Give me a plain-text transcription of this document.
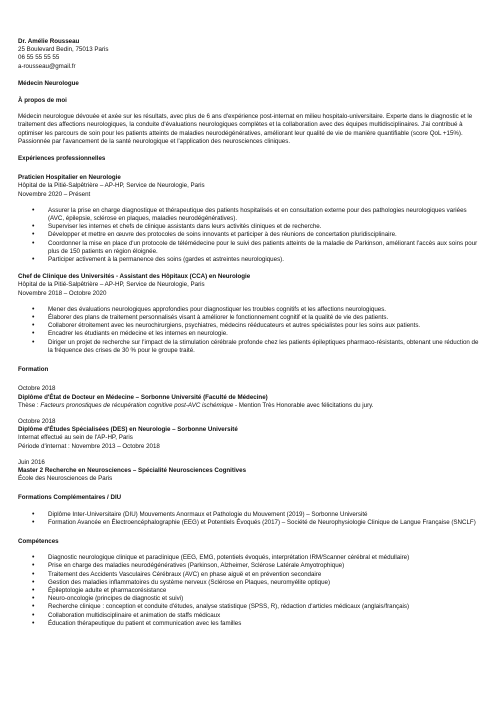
Dr. Amélie Rousseau
25 Boulevard Bedin, 75013 Paris
06 55 55 55 55
a-rousseau@gmail.fr
Médecin Neurologue
À propos de moi
Médecin neurologue dévouée et axée sur les résultats, avec plus de 6 ans d'expérience post-internat en milieu hospitalo-universitaire. Experte dans le diagnostic et le traitement des affections neurologiques, la conduite d'évaluations neurologiques complètes et la collaboration avec des équipes multidisciplinaires. J'ai contribué à optimiser les parcours de soin pour les patients atteints de maladies neurodégénératives, améliorant leur qualité de vie de manière quantifiable (score QoL +15%). Passionnée par l'avancement de la santé neurologique et l'application des neurosciences cliniques.
Expériences professionnelles
Praticien Hospitalier en Neurologie
Hôpital de la Pitié-Salpêtrière – AP-HP, Service de Neurologie, Paris
Novembre 2020 – Présent
• Assurer la prise en charge diagnostique et thérapeutique des patients hospitalisés et en consultation externe pour des pathologies neurologiques variées (AVC, épilepsie, sclérose en plaques, maladies neurodégénératives).
• Superviser les internes et chefs de clinique assistants dans leurs activités cliniques et de recherche.
• Développer et mettre en œuvre des protocoles de soins innovants et participer à des réunions de concertation pluridisciplinaire.
• Coordonner la mise en place d'un protocole de télémédecine pour le suivi des patients atteints de la maladie de Parkinson, améliorant l'accès aux soins pour plus de 150 patients en région éloignée.
• Participer activement à la permanence des soins (gardes et astreintes neurologiques).
Chef de Clinique des Universités - Assistant des Hôpitaux (CCA) en Neurologie
Hôpital de la Pitié-Salpêtrière – AP-HP, Service de Neurologie, Paris
Novembre 2018 – Octobre 2020
• Mener des évaluations neurologiques approfondies pour diagnostiquer les troubles cognitifs et les affections neurologiques.
• Élaborer des plans de traitement personnalisés visant à améliorer le fonctionnement cognitif et la qualité de vie des patients.
• Collaborer étroitement avec les neurochirurgiens, psychiatres, médecins rééducateurs et autres spécialistes pour les soins aux patients.
• Encadrer les étudiants en médecine et les internes en neurologie.
• Diriger un projet de recherche sur l'impact de la stimulation cérébrale profonde chez les patients épileptiques pharmaco-résistants, obtenant une réduction de la fréquence des crises de 30 % pour le groupe traité.
Formation
Octobre 2018
Diplôme d'État de Docteur en Médecine – Sorbonne Université (Faculté de Médecine)
Thèse : Facteurs pronostiques de récupération cognitive post-AVC ischémique - Mention Très Honorable avec félicitations du jury.
Octobre 2018
Diplôme d'Études Spécialisées (DES) en Neurologie – Sorbonne Université
Internat effectué au sein de l'AP-HP, Paris
Période d'internat : Novembre 2013 – Octobre 2018
Juin 2016
Master 2 Recherche en Neurosciences – Spécialité Neurosciences Cognitives
École des Neurosciences de Paris
Formations Complémentaires / DIU
• Diplôme Inter-Universitaire (DIU) Mouvements Anormaux et Pathologie du Mouvement (2019) – Sorbonne Université
• Formation Avancée en Électroencéphalographie (EEG) et Potentiels Évoqués (2017) – Société de Neurophysiologie Clinique de Langue Française (SNCLF)
Compétences
• Diagnostic neurologique clinique et paraclinique (EEG, EMG, potentiels évoqués, interprétation IRM/Scanner cérébral et médullaire)
• Prise en charge des maladies neurodégénératives (Parkinson, Alzheimer, Sclérose Latérale Amyotrophique)
• Traitement des Accidents Vasculaires Cérébraux (AVC) en phase aiguë et en prévention secondaire
• Gestion des maladies inflammatoires du système nerveux (Sclérose en Plaques, neuromyélite optique)
• Épileptologie adulte et pharmacorésistance
• Neuro-oncologie (principes de diagnostic et suivi)
• Recherche clinique : conception et conduite d'études, analyse statistique (SPSS, R), rédaction d'articles médicaux (anglais/français)
• Collaboration multidisciplinaire et animation de staffs médicaux
• Éducation thérapeutique du patient et communication avec les familles
